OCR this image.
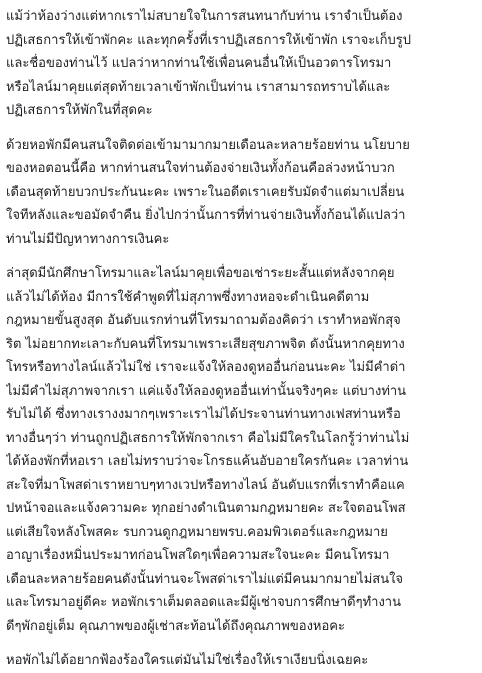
แม้ว่าห้องว่างแต่หากเราไม่สบายใจในการสนทนากับท่าน เราจำเป็นต้อง
ปฏิเสธการให้เข้าพักคะ และทุกครั้งที่เราปฏิเสธการให้เข้าพัก เราจะเก็บรูป
และชื่อของท่านไว้ แปลว่าหากท่านใช้เพื่อนคนอื่นให้เป็นอวตารโทรมา
หรือไลน์มาคุยแต่สุดท้ายเวลาเข้าพักเป็นท่าน เราสามารถทราบได้และ
ปฏิเสธการให้พักในที่สุดคะ

ด้วยหอพักมีคนสนใจติดต่อเข้ามามากมายเดือนละหลายร้อยท่าน นโยบาย
ของหอตอนนี้คือ หากท่านสนใจท่านต้องจ่ายเงินทั้งก้อนคือล่วงหน้าบวก
เดือนสุดท้ายบวกประกันนะคะ เพราะในอดีตเราเคยรับมัดจำแต่มาเปลี่ยน
ใจทีหลังและขอมัดจำคืน ยิ่งไปกว่านั้นการที่ท่านจ่ายเงินทั้งก้อนได้แปลว่า
ท่านไม่มีปัญหาทางการเงินคะ

ล่าสุดมีนักศึกษาโทรมาและไลน์มาคุยเพื่อขอเช่าระยะสั้นแต่หลังจากคุย
แล้วไม่ได้ห้อง มีการใช้คำพูดที่ไม่สุภาพซึ่งทางหอจะดำเนินคดีตาม
กฎหมายขั้นสูงสุด อันดับแรกท่านที่โทรมาถามต้องคิดว่า เราทำหอพักสุจ
ริต ไม่อยากทะเลาะกับคนที่โทรมาเพราะเสียสุขภาพจิต ดังนั้นหากคุยทาง
โทรหรือทางไลน์แล้วไม่ใช่ เราจะแจ้งให้ลองดูหออื่นก่อนนะคะ ไม่มีคำด่า
ไม่มีคำไม่สุภาพจากเรา แค่แจ้งให้ลองดูหออื่นเท่านั้นจริงๆคะ แต่บางท่าน
รับไม่ได้ ซึ่งทางเรางงมากๆเพราะเราไม่ได้ประจานท่านทางเฟสท่านหรือ
ทางอื่นๆว่า ท่านถูกปฏิเสธการให้พักจากเรา คือไม่มีใครในโลกรู้ว่าท่านไม่
ได้ห้องพักที่หอเรา เลยไม่ทราบว่าจะโกรธแค้นอับอายใครกันคะ เวลาท่าน
สะใจที่มาโพสด่าเราหยาบๆทางเวปหรือทางไลน์ อันดับแรกที่เราทำคือแค
ปหน้าจอและแจ้งความคะ ทุกอย่างดำเนินตามกฎหมายคะ สะใจตอนโพส
แต่เสียใจหลังโพสคะ รบกวนดูกฎหมายพรบ.คอมพิวเตอร์และกฎหมาย
อาญาเรื่องหมิ่นประมาทก่อนโพสใดๆเพื่อความสะใจนะคะ มีคนโทรมา
เดือนละหลายร้อยคนดังนั้นท่านจะโพสด่าเราไม่แต่มีคนมากมายไม่สนใจ
และโทรมาอยู่ดีคะ หอพักเราเต็มตลอดและมีผู้เช่าจบการศึกษาดีๆทำงาน
ดีๆพักอยู่เต็ม คุณภาพของผู้เช่าสะท้อนได้ถึงคุณภาพของหอคะ

หอพักไม่ได้อยากฟ้องร้องใครแต่มันไม่ใช่เรื่องให้เราเงียบนิ่งเฉยคะ
